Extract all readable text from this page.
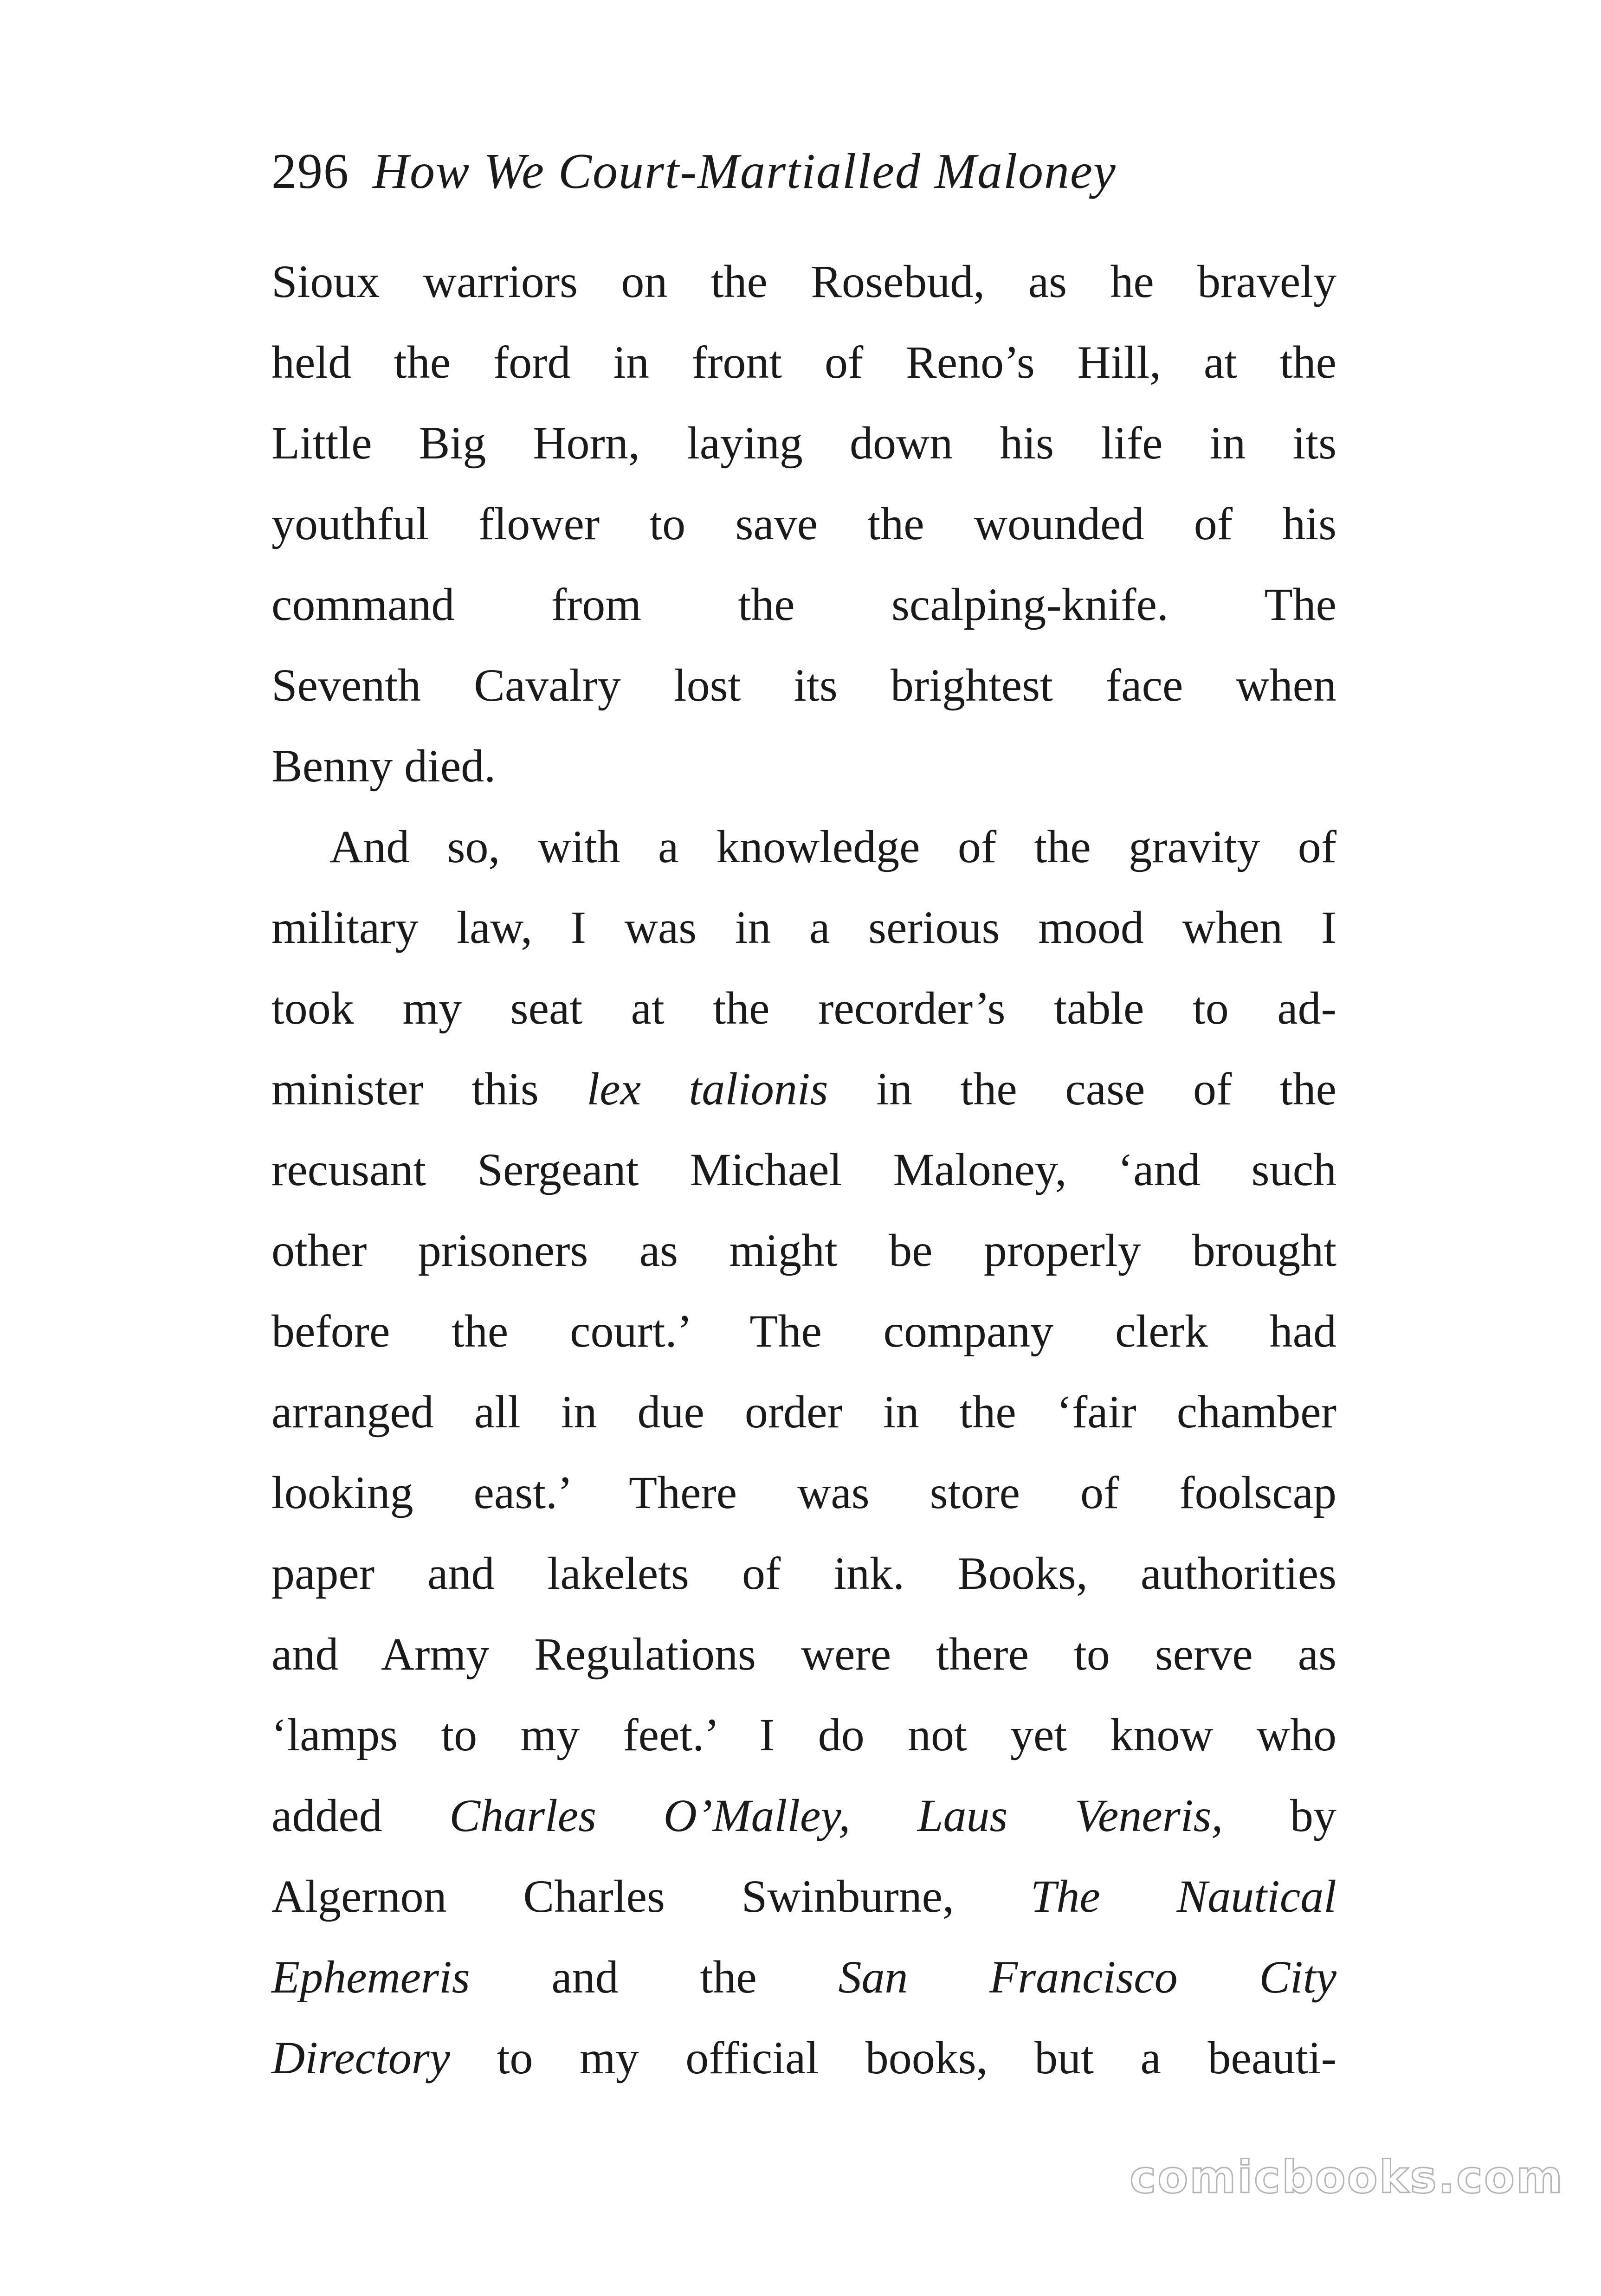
296 How We Court-Martialled Maloney
Sioux warriors on the Rosebud, as he bravely
held the ford in front of Reno’s Hill, at the
Little Big Horn, laying down his life in its
youthful flower to save the wounded of his
command from the scalping-knife. The
Seventh Cavalry lost its brightest face when
Benny died.
And so, with a knowledge of the gravity of
military law, I was in a serious mood when I
took my seat at the recorder’s table to ad-
minister this lex talionis in the case of the
recusant Sergeant Michael Maloney, ‘and such
other prisoners as might be properly brought
before the court.’ The company clerk had
arranged all in due order in the ‘fair chamber
looking east.’ There was store of foolscap
paper and lakelets of ink. Books, authorities
and Army Regulations were there to serve as
‘lamps to my feet.’ I do not yet know who
added Charles O’Malley, Laus Veneris, by
Algernon Charles Swinburne, The Nautical
Ephemeris and the San Francisco City
Directory to my official books, but a beauti-
comicbooks.com
